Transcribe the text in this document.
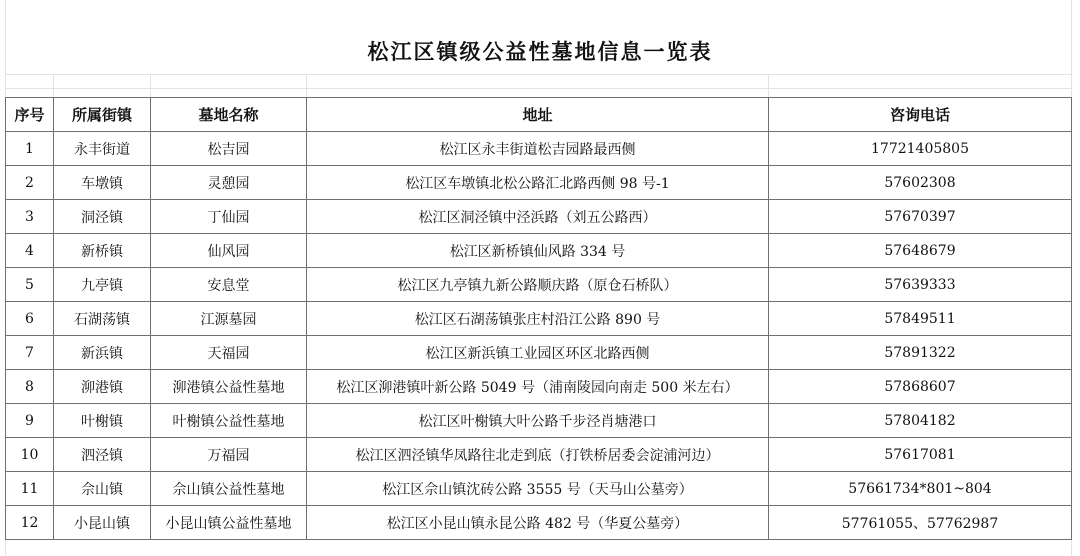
松江区镇级公益性墓地信息一览表
序号	所属街镇	墓地名称	地址	咨询电话
1	永丰街道	松吉园	松江区永丰街道松吉园路最西侧	17721405805
2	车墩镇	灵憩园	松江区车墩镇北松公路汇北路西侧 98 号-1	57602308
3	洞泾镇	丁仙园	松江区洞泾镇中泾浜路（刘五公路西）	57670397
4	新桥镇	仙风园	松江区新桥镇仙风路 334 号	57648679
5	九亭镇	安息堂	松江区九亭镇九新公路顺庆路（原仓石桥队）	57639333
6	石湖荡镇	江源墓园	松江区石湖荡镇张庄村沿江公路 890 号	57849511
7	新浜镇	天福园	松江区新浜镇工业园区环区北路西侧	57891322
8	泖港镇	泖港镇公益性墓地	松江区泖港镇叶新公路 5049 号（浦南陵园向南走 500 米左右）	57868607
9	叶榭镇	叶榭镇公益性墓地	松江区叶榭镇大叶公路千步泾肖塘港口	57804182
10	泗泾镇	万福园	松江区泗泾镇华凤路往北走到底（打铁桥居委会淀浦河边）	57617081
11	佘山镇	佘山镇公益性墓地	松江区佘山镇沈砖公路 3555 号（天马山公墓旁）	57661734*801~804
12	小昆山镇	小昆山镇公益性墓地	松江区小昆山镇永昆公路 482 号（华夏公墓旁）	57761055、57762987
